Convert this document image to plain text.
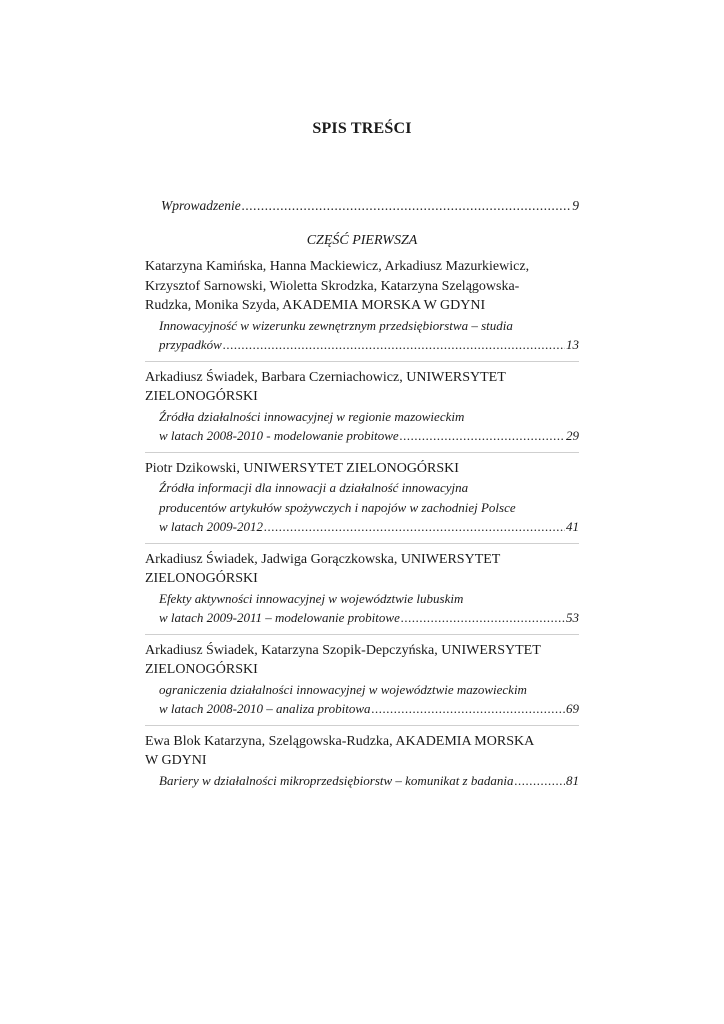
SPIS TREŚCI
Wprowadzenie .....	9
CZĘŚĆ PIERWSZA
Katarzyna Kamińska, Hanna Mackiewicz, Arkadiusz Mazurkiewicz,
Krzysztof Sarnowski, Wioletta Skrodzka, Katarzyna Szelągowska-
Rudzka, Monika Szyda, AKADEMIA MORSKA W GDYNI
Innowacyjność w wizerunku zewnętrznym przedsiębiorstwa – studia
przypadków .....	13
Arkadiusz Świadek, Barbara Czerniachowicz, UNIWERSYTET
ZIELONOGÓRSKI
Źródła działalności innowacyjnej w regionie mazowieckim
w latach 2008-2010 - modelowanie probitowe .....	29
Piotr Dzikowski, UNIWERSYTET ZIELONOGÓRSKI
Źródła informacji dla innowacji a działalność innowacyjna
producentów artykułów spożywczych i napojów w zachodniej Polsce
w latach 2009-2012 .....	41
Arkadiusz Świadek, Jadwiga Gorączkowska, UNIWERSYTET
ZIELONOGÓRSKI
Efekty aktywności innowacyjnej w województwie lubuskim
w latach 2009-2011 – modelowanie probitowe .....	53
Arkadiusz Świadek, Katarzyna Szopik-Depczyńska, UNIWERSYTET
ZIELONOGÓRSKI
ograniczenia działalności innowacyjnej w województwie mazowieckim
w latach 2008-2010 – analiza probitowa .....	69
Ewa Blok Katarzyna, Szelągowska-Rudzka, AKADEMIA MORSKA
W GDYNI
Bariery w działalności mikroprzedsiębiorstw – komunikat z badania .....	81
